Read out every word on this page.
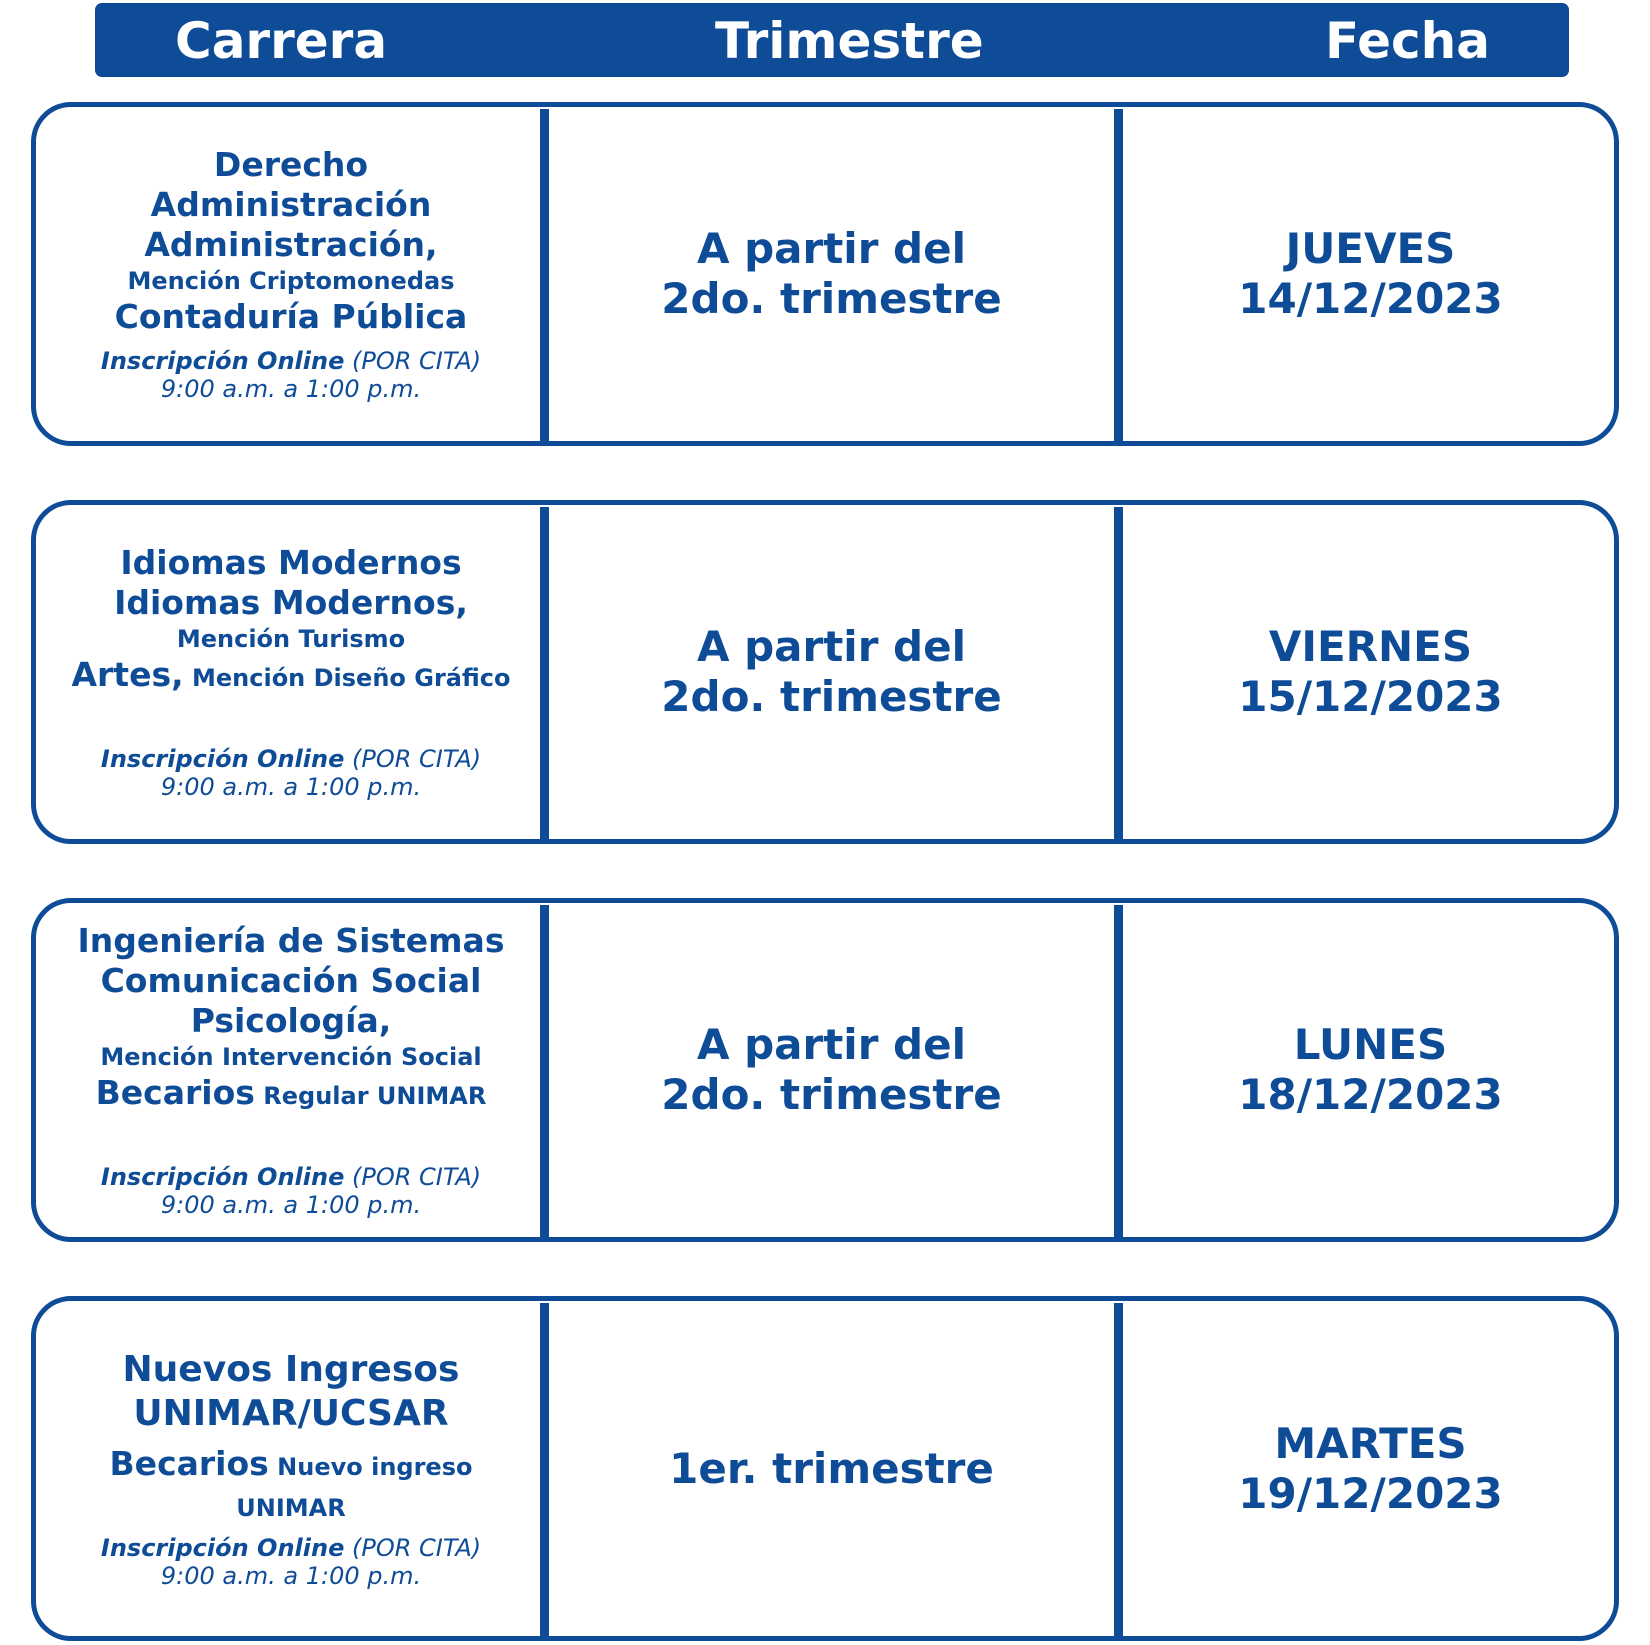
Carrera	Trimestre	Fecha
Derecho
Administración
Administración,
Mención Criptomonedas
Contaduría Pública
Inscripción Online (POR CITA)
9:00 a.m. a 1:00 p.m.
A partir del
2do. trimestre
JUEVES
14/12/2023
Idiomas Modernos
Idiomas Modernos,
Mención Turismo
Artes, Mención Diseño Gráfico
Inscripción Online (POR CITA)
9:00 a.m. a 1:00 p.m.
A partir del
2do. trimestre
VIERNES
15/12/2023
Ingeniería de Sistemas
Comunicación Social
Psicología,
Mención Intervención Social
Becarios Regular UNIMAR
Inscripción Online (POR CITA)
9:00 a.m. a 1:00 p.m.
A partir del
2do. trimestre
LUNES
18/12/2023
Nuevos Ingresos
UNIMAR/UCSAR
Becarios Nuevo ingreso
UNIMAR
Inscripción Online (POR CITA)
9:00 a.m. a 1:00 p.m.
1er. trimestre
MARTES
19/12/2023
